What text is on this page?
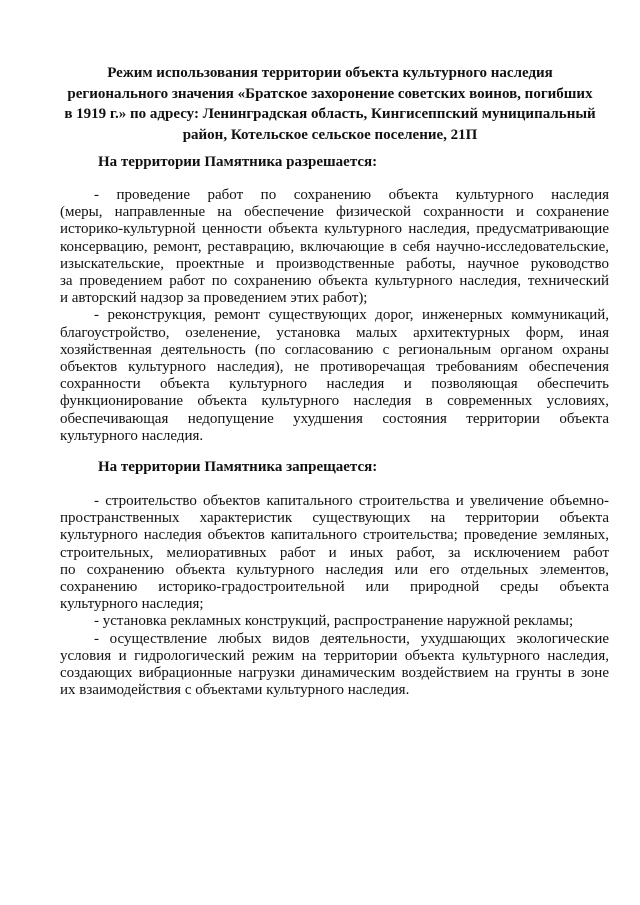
Режим использования территории объекта культурного наследия
регионального значения «Братское захоронение советских воинов, погибших
в 1919 г.» по адресу: Ленинградская область, Кингисеппский муниципальный
район, Котельское сельское поселение, 21П
На территории Памятника разрешается:
- проведение работ по сохранению объекта культурного наследия
(меры, направленные на обеспечение физической сохранности и сохранение
историко-культурной ценности объекта культурного наследия, предусматривающие
консервацию, ремонт, реставрацию, включающие в себя научно-исследовательские,
изыскательские, проектные и производственные работы, научное руководство
за проведением работ по сохранению объекта культурного наследия, технический
и авторский надзор за проведением этих работ);
- реконструкция, ремонт существующих дорог, инженерных коммуникаций,
благоустройство, озеленение, установка малых архитектурных форм, иная
хозяйственная деятельность (по согласованию с региональным органом охраны
объектов культурного наследия), не противоречащая требованиям обеспечения
сохранности объекта культурного наследия и позволяющая обеспечить
функционирование объекта культурного наследия в современных условиях,
обеспечивающая недопущение ухудшения состояния территории объекта
культурного наследия.
На территории Памятника запрещается:
- строительство объектов капитального строительства и увеличение объемно-
пространственных характеристик существующих на территории объекта
культурного наследия объектов капитального строительства; проведение земляных,
строительных, мелиоративных работ и иных работ, за исключением работ
по сохранению объекта культурного наследия или его отдельных элементов,
сохранению историко-градостроительной или природной среды объекта
культурного наследия;
- установка рекламных конструкций, распространение наружной рекламы;
- осуществление любых видов деятельности, ухудшающих экологические
условия и гидрологический режим на территории объекта культурного наследия,
создающих вибрационные нагрузки динамическим воздействием на грунты в зоне
их взаимодействия с объектами культурного наследия.
